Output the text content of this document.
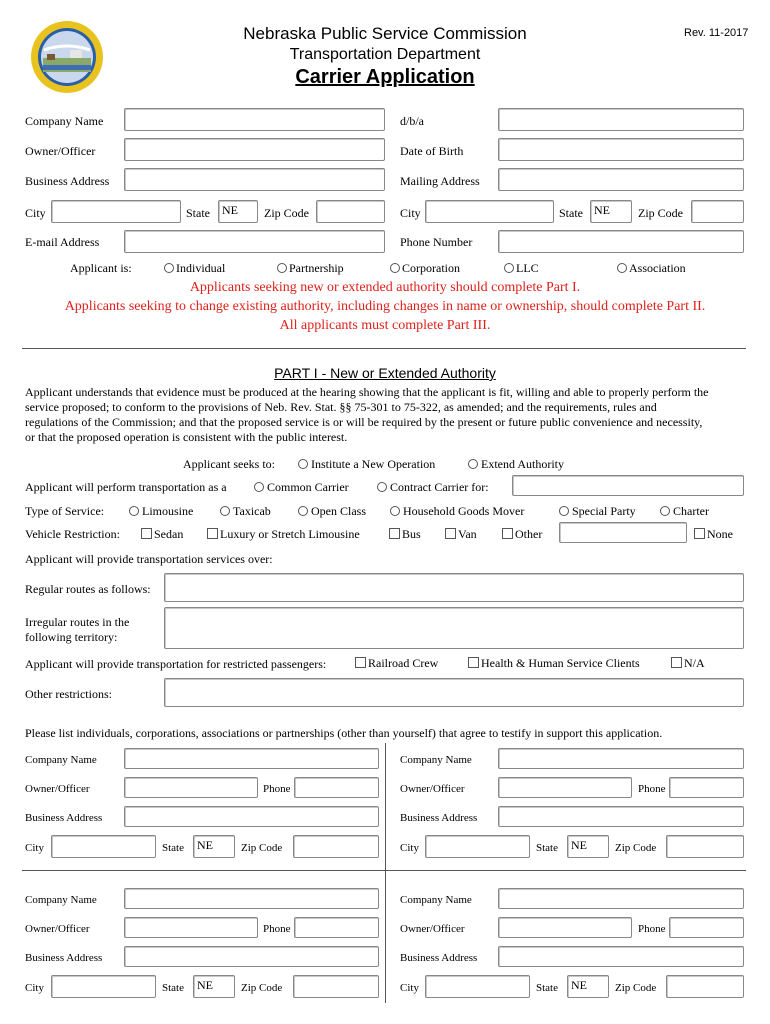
Nebraska Public Service Commission
Transportation Department
Carrier Application
Rev. 11-2017
Company Name	d/b/a
Owner/Officer	Date of Birth
Business Address	Mailing Address
City	State	NE	Zip Code	City	State NE	Zip Code
E-mail Address	Phone Number
Applicant is:	Individual	Partnership	Corporation	LLC	Association
Applicants seeking new or extended authority should complete Part I.
Applicants seeking to change existing authority, including changes in name or ownership, should complete Part II.
All applicants must complete Part III.
PART I - New or Extended Authority
Applicant understands that evidence must be produced at the hearing showing that the applicant is fit, willing and able to properly perform the
service proposed; to conform to the provisions of Neb. Rev. Stat. §§ 75-301 to 75-322, as amended; and the requirements, rules and
regulations of the Commission; and that the proposed service is or will be required by the present or future public convenience and necessity,
or that the proposed operation is consistent with the public interest.
Applicant seeks to:	Institute a New Operation	Extend Authority
Applicant will perform transportation as a	Common Carrier	Contract Carrier for:
Type of Service:	Limousine	Taxicab	Open Class	Household Goods Mover	Special Party	Charter
Vehicle Restriction:	Sedan	Luxury or Stretch Limousine	Bus	Van	Other	None
Applicant will provide transportation services over:
Regular routes as follows:
Irregular routes in the
following territory:
Applicant will provide transportation for restricted passengers:	Railroad Crew	Health & Human Service Clients	N/A
Other restrictions:
Please list individuals, corporations, associations or partnerships (other than yourself) that agree to testify in support this application.
Company Name
Owner/Officer	Phone
Business Address
City	State	NE	Zip Code
Company Name
Owner/Officer	Phone
Business Address
City	State	NE	Zip Code
Company Name
Owner/Officer	Phone
Business Address
City	State	NE	Zip Code
Company Name
Owner/Officer	Phone
Business Address
City	State	NE	Zip Code
